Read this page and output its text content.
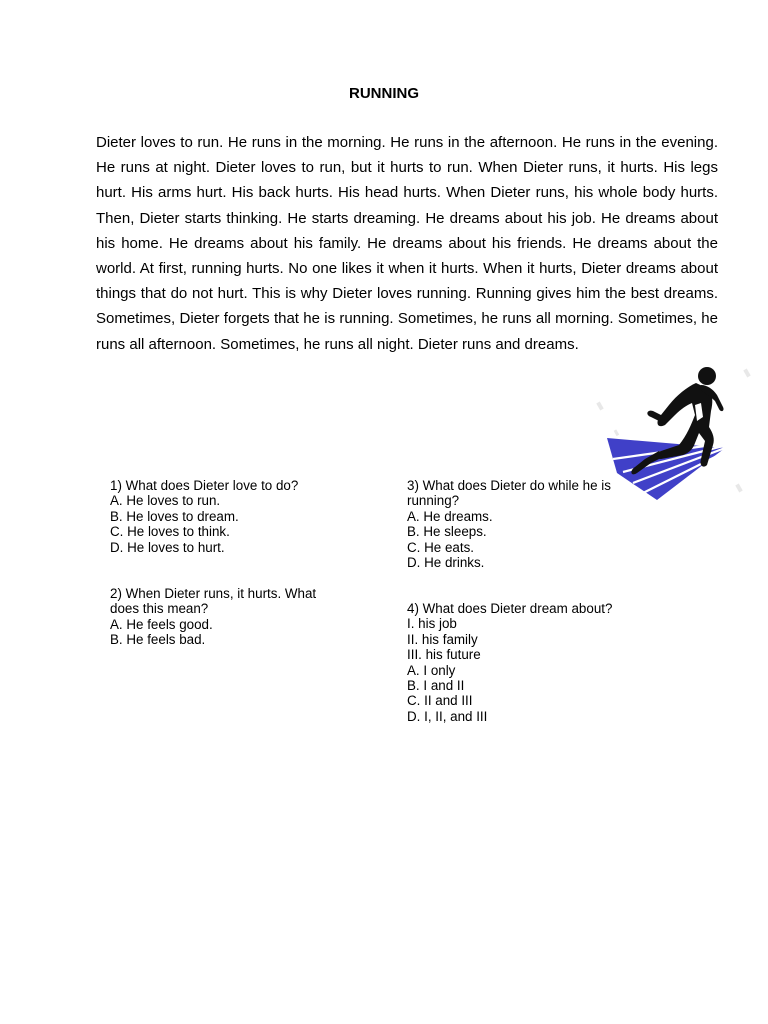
RUNNING

Dieter loves to run. He runs in the morning. He runs in the afternoon. He runs in the evening. He runs at night. Dieter loves to run, but it hurts to run. When Dieter runs, it hurts. His legs hurt. His arms hurt. His back hurts. His head hurts. When Dieter runs, his whole body hurts. Then, Dieter starts thinking. He starts dreaming. He dreams about his job. He dreams about his home. He dreams about his family. He dreams about his friends. He dreams about the world. At first, running hurts. No one likes it when it hurts. When it hurts, Dieter dreams about things that do not hurt. This is why Dieter loves running. Running gives him the best dreams. Sometimes, Dieter forgets that he is running. Sometimes, he runs all morning. Sometimes, he runs all afternoon. Sometimes, he runs all night. Dieter runs and dreams.

1) What does Dieter love to do?
A. He loves to run.
B. He loves to dream.
C. He loves to think.
D. He loves to hurt.
2) When Dieter runs, it hurts. What
does this mean?
A. He feels good.
B. He feels bad.
3) What does Dieter do while he is
running?
A. He dreams.
B. He sleeps.
C. He eats.
D. He drinks.
4) What does Dieter dream about?
I. his job
II. his family
III. his future
A. I only
B. I and II
C. II and III
D. I, II, and III
